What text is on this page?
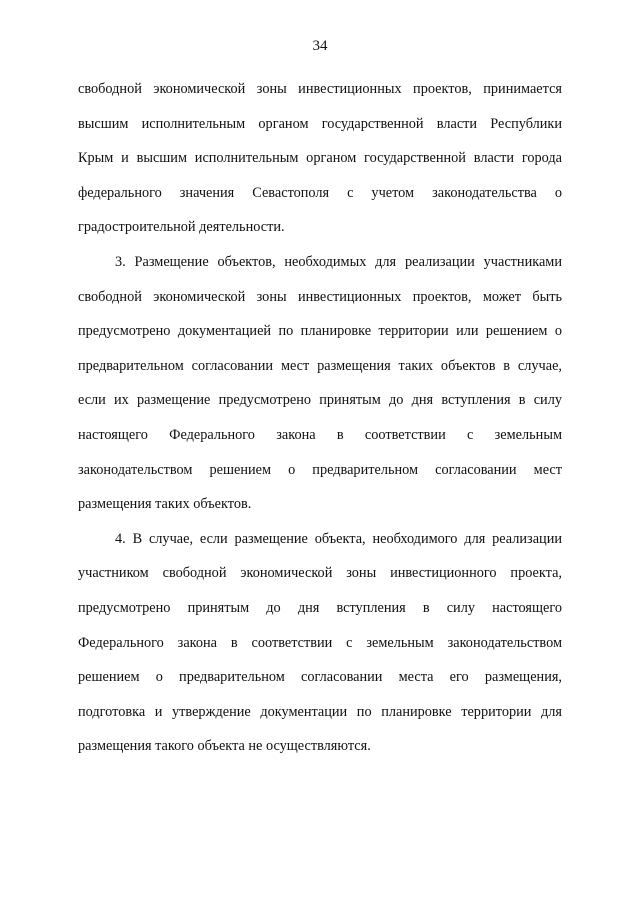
34
свободной экономической зоны инвестиционных проектов, принимается
высшим исполнительным органом государственной власти Республики
Крым и высшим исполнительным органом государственной власти города
федерального значения Севастополя с учетом законодательства о
градостроительной деятельности.
3. Размещение объектов, необходимых для реализации участниками
свободной экономической зоны инвестиционных проектов, может быть
предусмотрено документацией по планировке территории или решением о
предварительном согласовании мест размещения таких объектов в случае,
если их размещение предусмотрено принятым до дня вступления в силу
настоящего Федерального закона в соответствии с земельным
законодательством решением о предварительном согласовании мест
размещения таких объектов.
4. В случае, если размещение объекта, необходимого для реализации
участником свободной экономической зоны инвестиционного проекта,
предусмотрено принятым до дня вступления в силу настоящего
Федерального закона в соответствии с земельным законодательством
решением о предварительном согласовании места его размещения,
подготовка и утверждение документации по планировке территории для
размещения такого объекта не осуществляются.
